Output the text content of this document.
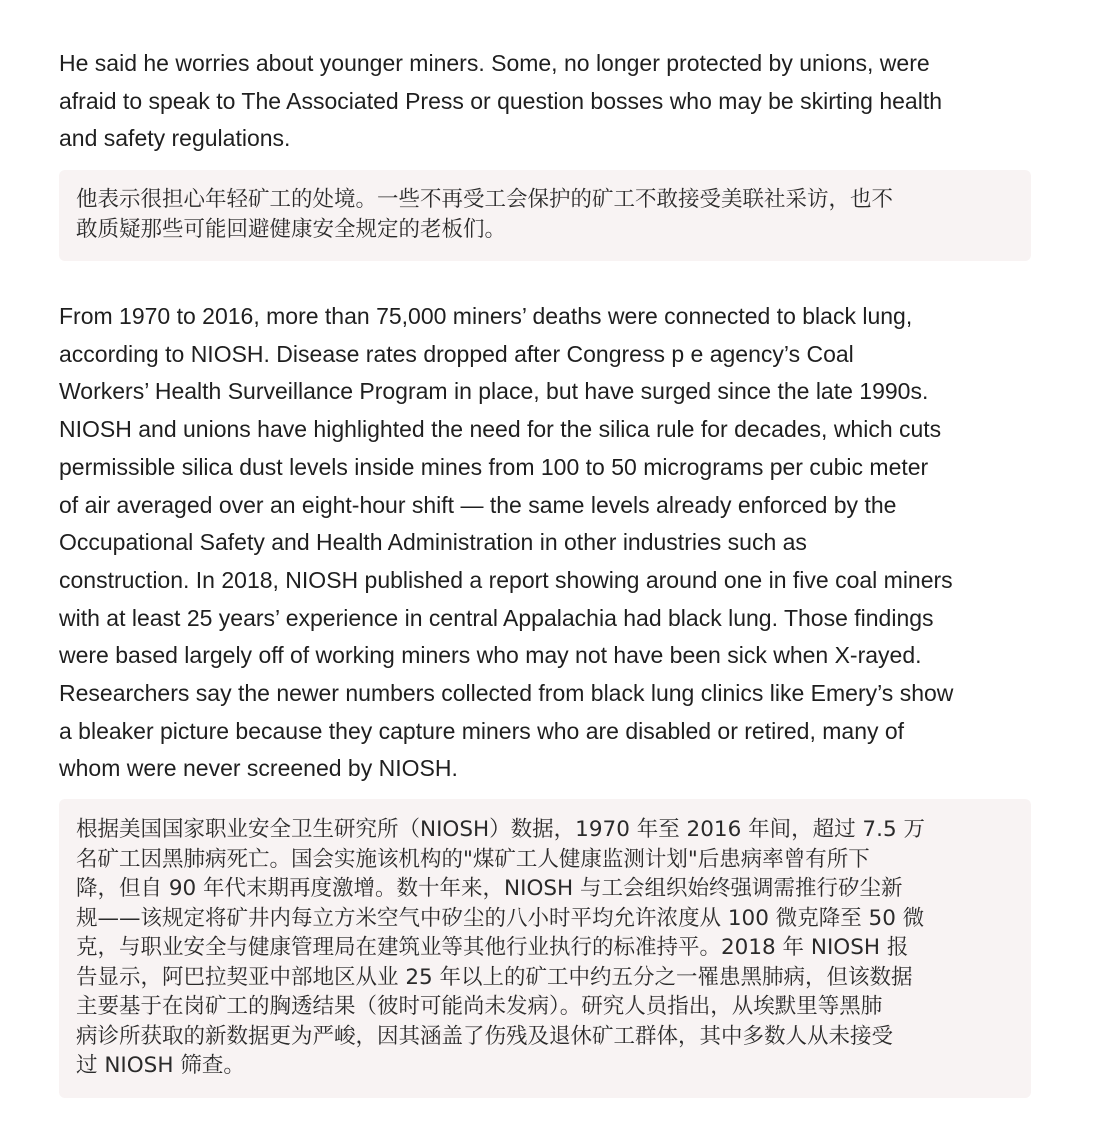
He said he worries about younger miners. Some, no longer protected by unions, were
afraid to speak to The Associated Press or question bosses who may be skirting health
and safety regulations.

他表示很担心年轻矿工的处境。一些不再受工会保护的矿工不敢接受美联社采访，也不
敢质疑那些可能回避健康安全规定的老板们。

From 1970 to 2016, more than 75,000 miners’ deaths were connected to black lung,
according to NIOSH. Disease rates dropped after Congress p e agency’s Coal
Workers’ Health Surveillance Program in place, but have surged since the late 1990s.
NIOSH and unions have highlighted the need for the silica rule for decades, which cuts
permissible silica dust levels inside mines from 100 to 50 micrograms per cubic meter
of air averaged over an eight-hour shift — the same levels already enforced by the
Occupational Safety and Health Administration in other industries such as
construction. In 2018, NIOSH published a report showing around one in five coal miners
with at least 25 years’ experience in central Appalachia had black lung. Those findings
were based largely off of working miners who may not have been sick when X-rayed.
Researchers say the newer numbers collected from black lung clinics like Emery’s show
a bleaker picture because they capture miners who are disabled or retired, many of
whom were never screened by NIOSH.

根据美国国家职业安全卫生研究所（NIOSH）数据，1970 年至 2016 年间，超过 7.5 万
名矿工因黑肺病死亡。国会实施该机构的"煤矿工人健康监测计划"后患病率曾有所下
降，但自 90 年代末期再度激增。数十年来，NIOSH 与工会组织始终强调需推行矽尘新
规——该规定将矿井内每立方米空气中矽尘的八小时平均允许浓度从 100 微克降至 50 微
克，与职业安全与健康管理局在建筑业等其他行业执行的标准持平。2018 年 NIOSH 报
告显示，阿巴拉契亚中部地区从业 25 年以上的矿工中约五分之一罹患黑肺病，但该数据
主要基于在岗矿工的胸透结果（彼时可能尚未发病）。研究人员指出，从埃默里等黑肺
病诊所获取的新数据更为严峻，因其涵盖了伤残及退休矿工群体，其中多数人从未接受
过 NIOSH 筛查。
